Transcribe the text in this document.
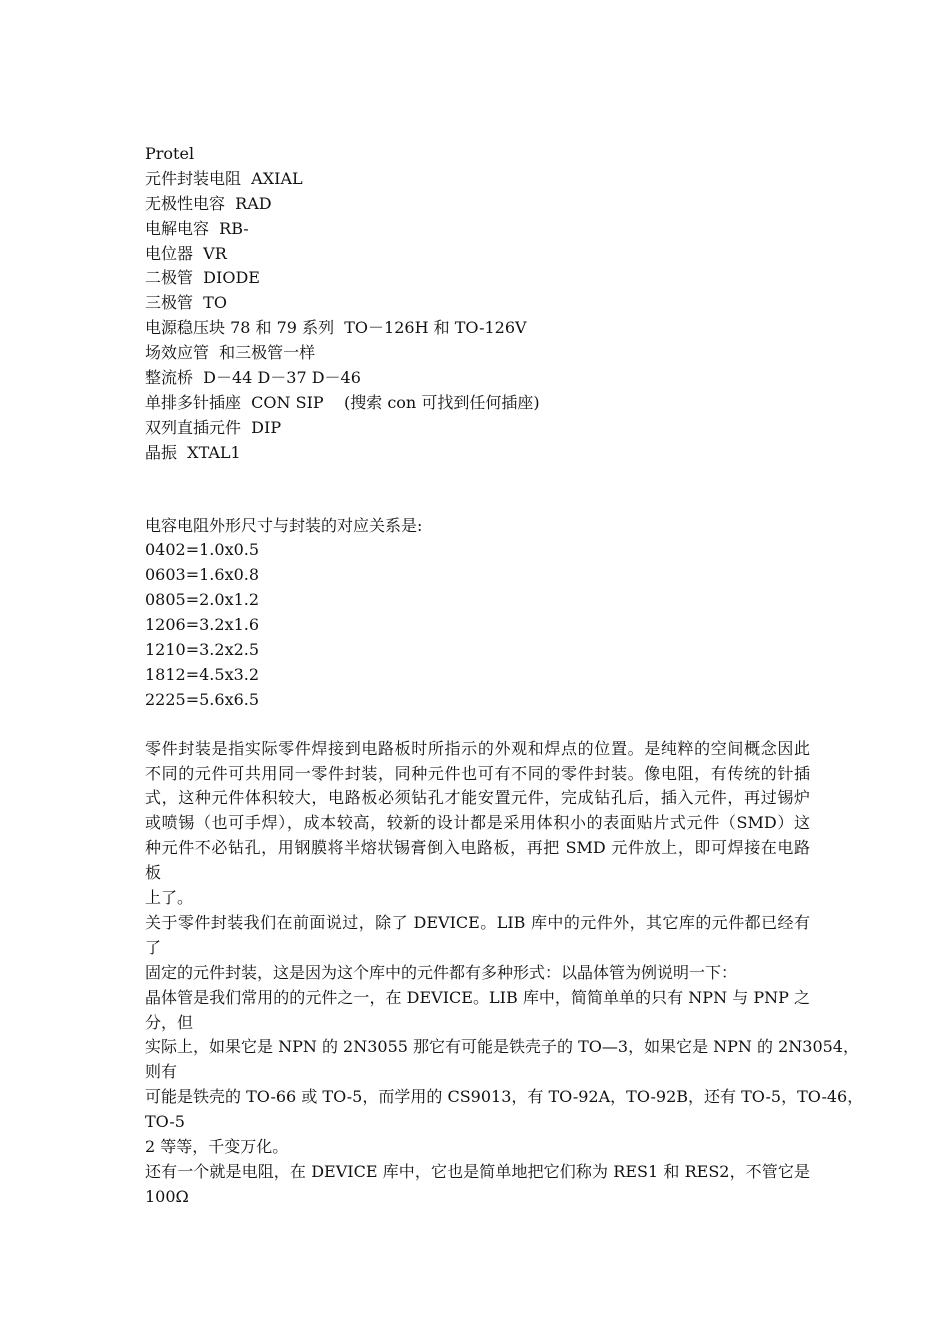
Protel
元件封装电阻  AXIAL
无极性电容  RAD
电解电容  RB-
电位器  VR
二极管  DIODE
三极管  TO
电源稳压块 78 和 79 系列  TO－126H 和 TO-126V
场效应管  和三极管一样
整流桥  D－44 D－37 D－46
单排多针插座  CON SIP    (搜索 con 可找到任何插座)
双列直插元件  DIP
晶振  XTAL1
电容电阻外形尺寸与封装的对应关系是:
0402=1.0x0.5
0603=1.6x0.8
0805=2.0x1.2
1206=3.2x1.6
1210=3.2x2.5
1812=4.5x3.2
2225=5.6x6.5
零件封装是指实际零件焊接到电路板时所指示的外观和焊点的位置。是纯粹的空间概念因此
不同的元件可共用同一零件封装，同种元件也可有不同的零件封装。像电阻，有传统的针插
式，这种元件体积较大，电路板必须钻孔才能安置元件，完成钻孔后，插入元件，再过锡炉
或喷锡（也可手焊），成本较高，较新的设计都是采用体积小的表面贴片式元件（SMD）这
种元件不必钻孔，用钢膜将半熔状锡膏倒入电路板，再把 SMD 元件放上，即可焊接在电路
板
上了。
关于零件封装我们在前面说过，除了 DEVICE。LIB 库中的元件外，其它库的元件都已经有
了
固定的元件封装，这是因为这个库中的元件都有多种形式：以晶体管为例说明一下：
晶体管是我们常用的的元件之一，在 DEVICE。LIB 库中，简简单单的只有 NPN 与 PNP 之
分，但
实际上，如果它是 NPN 的 2N3055 那它有可能是铁壳子的 TO—3，如果它是 NPN 的 2N3054，
则有
可能是铁壳的 TO-66 或 TO-5，而学用的 CS9013，有 TO-92A，TO-92B，还有 TO-5，TO-46，
TO-5
2 等等，千变万化。
还有一个就是电阻，在 DEVICE 库中，它也是简单地把它们称为 RES1 和 RES2，不管它是
100Ω
